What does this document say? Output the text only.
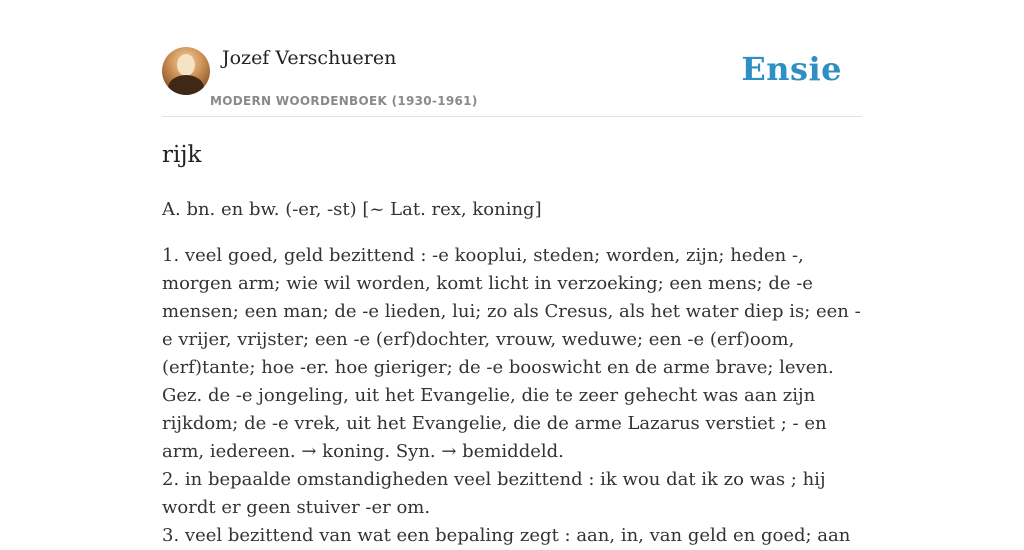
Jozef Verschueren
MODERN WOORDENBOEK (1930-1961)
Ensie
rijk
A. bn. en bw. (-er, -st) [~ Lat. rex, koning]

1. veel goed, geld bezittend : -e kooplui, steden; worden, zijn; heden -, morgen arm; wie wil worden, komt licht in verzoeking; een mens; de -e mensen; een man; de -e lieden, lui; zo als Cresus, als het water diep is; een -e vrijer, vrijster; een -e (erf)dochter, vrouw, weduwe; een -e (erf)oom, (erf)tante; hoe -er. hoe gieriger; de -e booswicht en de arme brave; leven. Gez. de -e jongeling, uit het Evangelie, die te zeer gehecht was aan zijn rijkdom; de -e vrek, uit het Evangelie, die de arme Lazarus verstiet ; - en arm, iedereen. → koning. Syn. → bemiddeld.

2. in bepaalde omstandigheden veel bezittend : ik wou dat ik zo was ; hij wordt er geen stuiver -er om.

3. veel bezittend van wat een bepaling zegt : aan, in, van geld en goed; aan
